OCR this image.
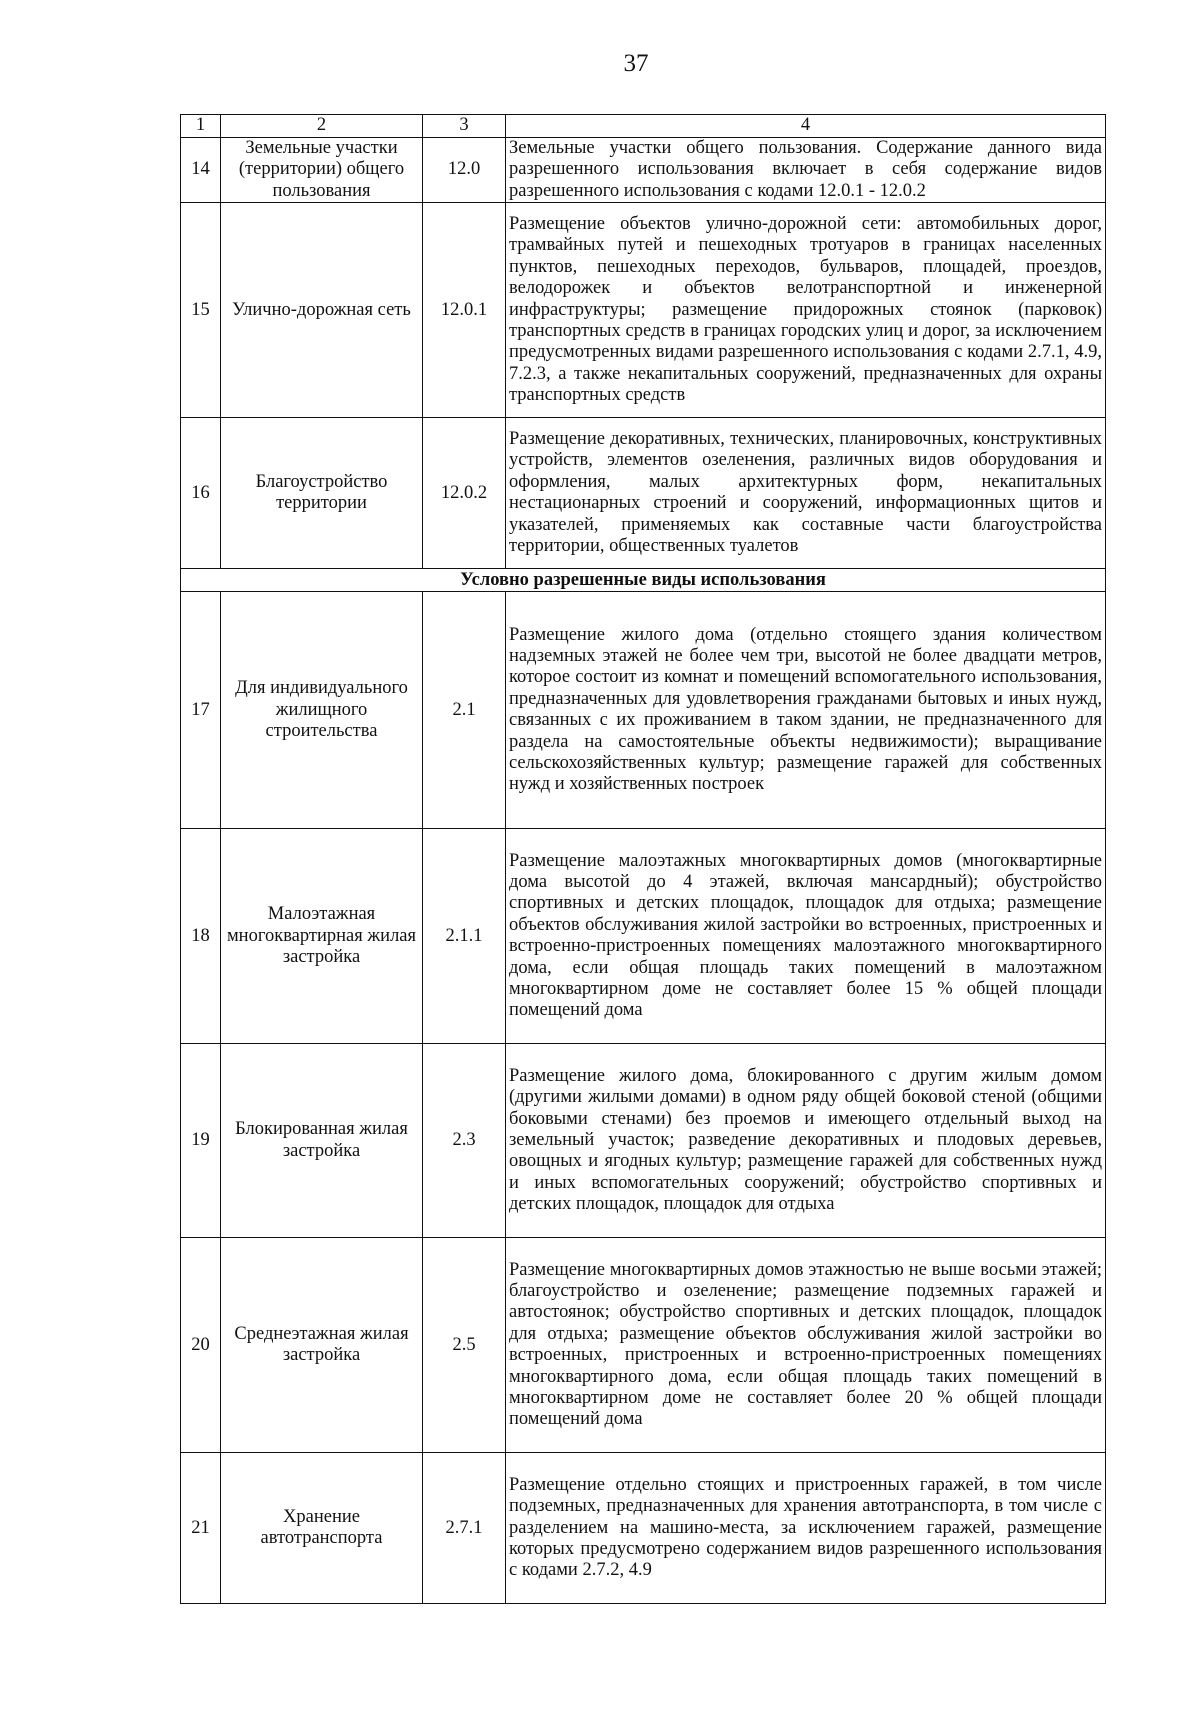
37
1	2	3	4
14	Земельные участки (территории) общего пользования	12.0	Земельные участки общего пользования. Содержание данного вида разрешенного использования включает в себя содержание видов разрешенного использования с кодами 12.0.1 - 12.0.2
15	Улично-дорожная сеть	12.0.1	Размещение объектов улично-дорожной сети: автомобильных дорог, трамвайных путей и пешеходных тротуаров в границах населенных пунктов, пешеходных переходов, бульваров, площадей, проездов, велодорожек и объектов велотранспортной и инженерной инфраструктуры; размещение придорожных стоянок (парковок) транспортных средств в границах городских улиц и дорог, за исключением предусмотренных видами разрешенного использования с кодами 2.7.1, 4.9, 7.2.3, а также некапитальных сооружений, предназначенных для охраны транспортных средств
16	Благоустройство территории	12.0.2	Размещение декоративных, технических, планировочных, конструктивных устройств, элементов озеленения, различных видов оборудования и оформления, малых архитектурных форм, некапитальных нестационарных строений и сооружений, информационных щитов и указателей, применяемых как составные части благоустройства территории, общественных туалетов
Условно разрешенные виды использования			
17	Для индивидуального жилищного строительства	2.1	Размещение жилого дома (отдельно стоящего здания количеством надземных этажей не более чем три, высотой не более двадцати метров, которое состоит из комнат и помещений вспомогательного использования, предназначенных для удовлетворения гражданами бытовых и иных нужд, связанных с их проживанием в таком здании, не предназначенного для раздела на самостоятельные объекты недвижимости); выращивание сельскохозяйственных культур; размещение гаражей для собственных нужд и хозяйственных построек
18	Малоэтажная многоквартирная жилая застройка	2.1.1	Размещение малоэтажных многоквартирных домов (многоквартирные дома высотой до 4 этажей, включая мансардный); обустройство спортивных и детских площадок, площадок для отдыха; размещение объектов обслуживания жилой застройки во встроенных, пристроенных и встроенно-пристроенных помещениях малоэтажного многоквартирного дома, если общая площадь таких помещений в малоэтажном многоквартирном доме не составляет более 15 % общей площади помещений дома
19	Блокированная жилая застройка	2.3	Размещение жилого дома, блокированного с другим жилым домом (другими жилыми домами) в одном ряду общей боковой стеной (общими боковыми стенами) без проемов и имеющего отдельный выход на земельный участок; разведение декоративных и плодовых деревьев, овощных и ягодных культур; размещение гаражей для собственных нужд и иных вспомогательных сооружений; обустройство спортивных и детских площадок, площадок для отдыха
20	Среднеэтажная жилая застройка	2.5	Размещение многоквартирных домов этажностью не выше восьми этажей; благоустройство и озеленение; размещение подземных гаражей и автостоянок; обустройство спортивных и детских площадок, площадок для отдыха; размещение объектов обслуживания жилой застройки во встроенных, пристроенных и встроенно-пристроенных помещениях многоквартирного дома, если общая площадь таких помещений в многоквартирном доме не составляет более 20 % общей площади помещений дома
21	Хранение автотранспорта	2.7.1	Размещение отдельно стоящих и пристроенных гаражей, в том числе подземных, предназначенных для хранения автотранспорта, в том числе с разделением на машино-места, за исключением гаражей, размещение которых предусмотрено содержанием видов разрешенного использования с кодами 2.7.2, 4.9
